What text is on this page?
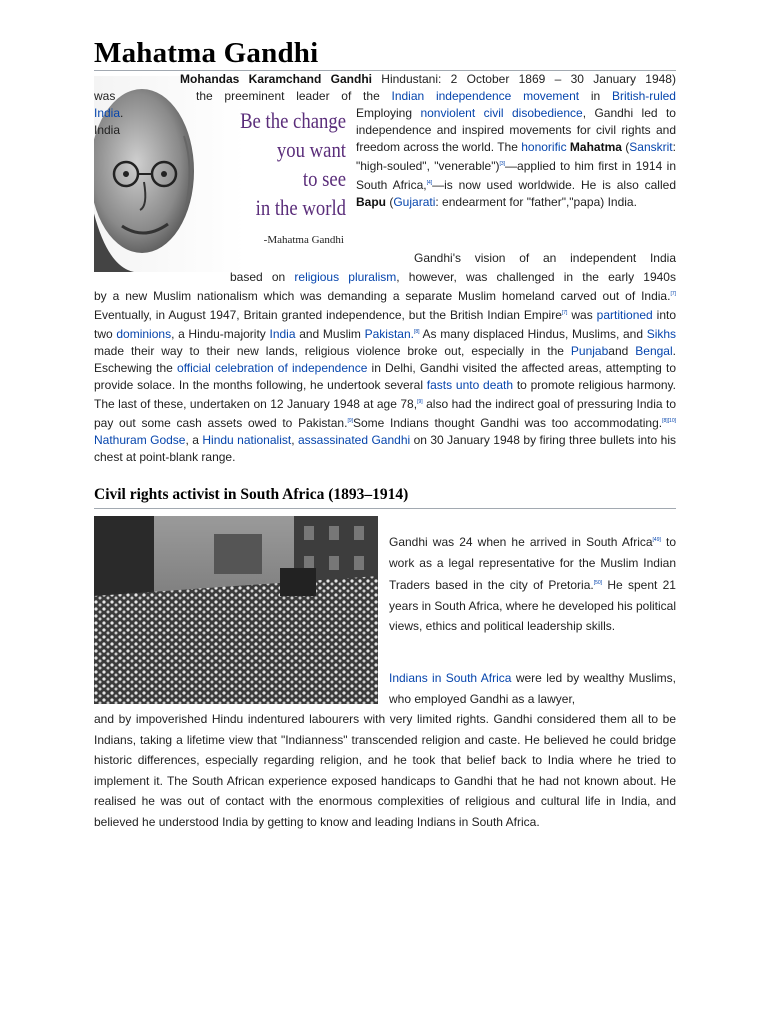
Mahatma Gandhi
Be the change
you want
to see
in the world
-Mahatma Gandhi
Mohandas Karamchand Gandhi Hindustani: 2 October 1869 – 30 January 1948)
was	the preeminent leader of the Indian independence movement in British-ruled
India.
India

Employing nonviolent civil disobedience, Gandhi led to independence and inspired movements for civil rights and freedom across the world. The honorific Mahatma (Sanskrit: "high-souled", "venerable")[3]—applied to him first in 1914 in South Africa,[4]—is now used worldwide. He is also called Bapu (Gujarati: endearment for "father","papa) India.

Gandhi's vision of an independent India
based on religious pluralism, however, was challenged in the early 1940s

by a new Muslim nationalism which was demanding a separate Muslim homeland carved out of India.[7] Eventually, in August 1947, Britain granted independence, but the British Indian Empire[7] was partitioned into two dominions, a Hindu-majority India and Muslim Pakistan.[8] As many displaced Hindus, Muslims, and Sikhs made their way to their new lands, religious violence broke out, especially in the Punjaband Bengal. Eschewing the official celebration of independence in Delhi, Gandhi visited the affected areas, attempting to provide solace. In the months following, he undertook several fasts unto death to promote religious harmony. The last of these, undertaken on 12 January 1948 at age 78,[9] also had the indirect goal of pressuring India to pay out some cash assets owed to Pakistan.[9]Some Indians thought Gandhi was too accommodating.[8][10] Nathuram Godse, a Hindu nationalist, assassinated Gandhi on 30 January 1948 by firing three bullets into his chest at point-blank range.

Civil rights activist in South Africa (1893–1914)

Gandhi was 24 when he arrived in South Africa[49] to work as a legal representative for the Muslim Indian Traders based in the city of Pretoria.[50] He spent 21 years in South Africa, where he developed his political views, ethics and political leadership skills.

Indians in South Africa were led by wealthy Muslims, who employed Gandhi as a lawyer,

and by impoverished Hindu indentured labourers with very limited rights. Gandhi considered them all to be Indians, taking a lifetime view that "Indianness" transcended religion and caste. He believed he could bridge historic differences, especially regarding religion, and he took that belief back to India where he tried to implement it. The South African experience exposed handicaps to Gandhi that he had not known about. He realised he was out of contact with the enormous complexities of religious and cultural life in India, and believed he understood India by getting to know and leading Indians in South Africa.
